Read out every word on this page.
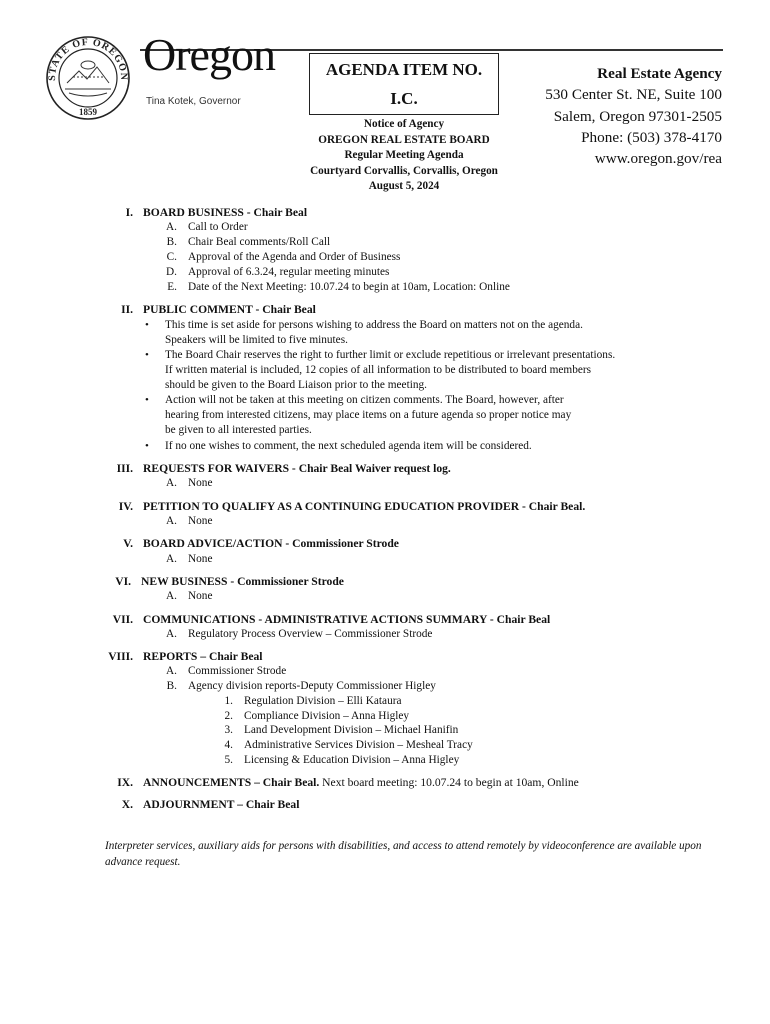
STATE OF OREGON
1859
Oregon
Tina Kotek, Governor
AGENDA ITEM NO.
I.C.
Notice of Agency
OREGON REAL ESTATE BOARD
Regular Meeting Agenda
Courtyard Corvallis, Corvallis, Oregon
August 5, 2024
Real Estate Agency
530 Center St. NE, Suite 100
Salem, Oregon 97301-2505
Phone: (503) 378-4170
www.oregon.gov/rea
I. BOARD BUSINESS - Chair Beal
A. Call to Order
B. Chair Beal comments/Roll Call
C. Approval of the Agenda and Order of Business
D. Approval of 6.3.24, regular meeting minutes
E. Date of the Next Meeting: 10.07.24 to begin at 10am, Location: Online
II. PUBLIC COMMENT - Chair Beal
• This time is set aside for persons wishing to address the Board on matters not on the agenda.
Speakers will be limited to five minutes.
• The Board Chair reserves the right to further limit or exclude repetitious or irrelevant presentations.
If written material is included, 12 copies of all information to be distributed to board members
should be given to the Board Liaison prior to the meeting.
• Action will not be taken at this meeting on citizen comments. The Board, however, after
hearing from interested citizens, may place items on a future agenda so proper notice may
be given to all interested parties.
• If no one wishes to comment, the next scheduled agenda item will be considered.
III. REQUESTS FOR WAIVERS - Chair Beal Waiver request log.
A. None
IV. PETITION TO QUALIFY AS A CONTINUING EDUCATION PROVIDER - Chair Beal.
A. None
V. BOARD ADVICE/ACTION - Commissioner Strode
A. None
VI. NEW BUSINESS - Commissioner Strode
A. None
VII. COMMUNICATIONS - ADMINISTRATIVE ACTIONS SUMMARY - Chair Beal
A. Regulatory Process Overview – Commissioner Strode
VIII. REPORTS – Chair Beal
A. Commissioner Strode
B. Agency division reports-Deputy Commissioner Higley
1. Regulation Division – Elli Kataura
2. Compliance Division – Anna Higley
3. Land Development Division – Michael Hanifin
4. Administrative Services Division – Mesheal Tracy
5. Licensing & Education Division – Anna Higley
IX. ANNOUNCEMENTS – Chair Beal. Next board meeting: 10.07.24 to begin at 10am, Online
X. ADJOURNMENT – Chair Beal
Interpreter services, auxiliary aids for persons with disabilities, and access to attend remotely by videoconference are available upon advance request.
